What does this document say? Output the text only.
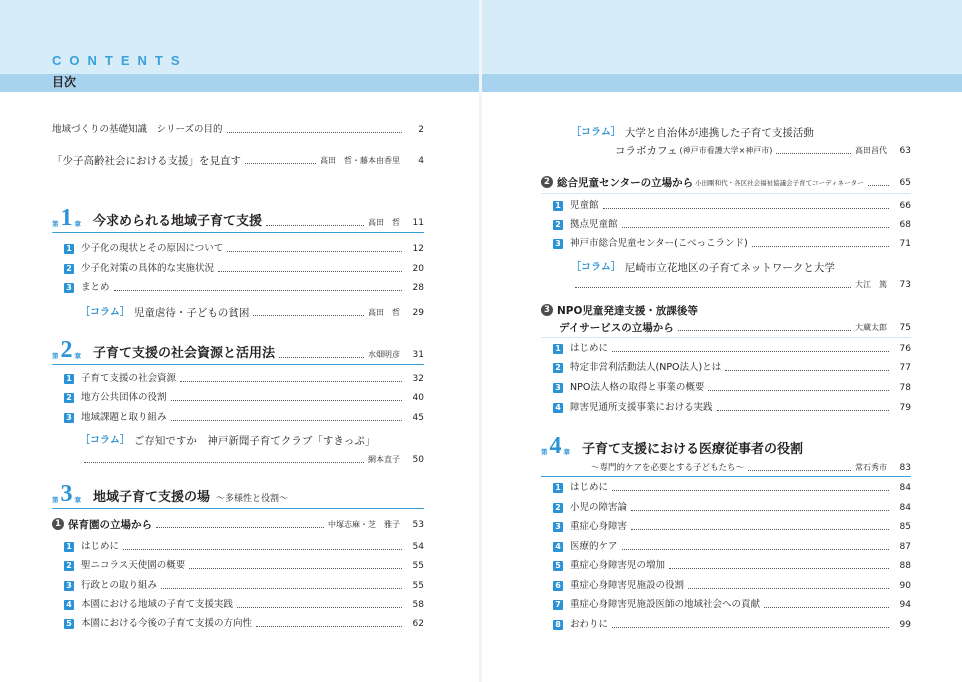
CONTENTS
目次
地域づくりの基礎知識　シリーズの目的	2
「少子高齢社会における支援」を見直す	高田　哲・藤本由香里	4
第 1 章 今求められる地域子育て支援	高田　哲	11
1 少子化の現状とその原因について	12
2 少子化対策の具体的な実施状況	20
3 まとめ	28
［コラム］ 児童虐待・子どもの貧困	高田　哲	29
第 2 章 子育て支援の社会資源と活用法	水畑明彦	31
1 子育て支援の社会資源	32
2 地方公共団体の役割	40
3 地域課題と取り組み	45
［コラム］ ご存知ですか　神戸新聞子育てクラブ「すきっぷ」
網本直子	50
第 3 章 地域子育て支援の場 〜多様性と役割〜
1 保育園の立場から	中塚志麻・芝　雅子	53
1 はじめに	54
2 聖ニコラス天使園の概要	55
3 行政との取り組み	55
4 本園における地域の子育て支援実践	58
5 本園における今後の子育て支援の方向性	62
［コラム］ 大学と自治体が連携した子育て支援活動
コラボカフェ (神戸市看護大学×神戸市)	高田昌代	63
2 総合児童センターの立場から 小田剛和代・各区社会福祉協議会子育てコーディネーター	65
1 児童館	66
2 拠点児童館	68
3 神戸市総合児童センター(こべっこランド)	71
［コラム］ 尼崎市立花地区の子育てネットワークと大学
大江　篤	73
3 NPO児童発達支援・放課後等
デイサービスの立場から	大蔵太郎	75
1 はじめに	76
2 特定非営利活動法人(NPO法人)とは	77
3 NPO法人格の取得と事業の概要	78
4 障害児通所支援事業における実践	79
第 4 章 子育て支援における医療従事者の役割
〜専門的ケアを必要とする子どもたち〜	常石秀市	83
1 はじめに	84
2 小児の障害論	84
3 重症心身障害	85
4 医療的ケア	87
5 重症心身障害児の増加	88
6 重症心身障害児施設の役割	90
7 重症心身障害児施設医師の地域社会への貢献	94
8 おわりに	99
